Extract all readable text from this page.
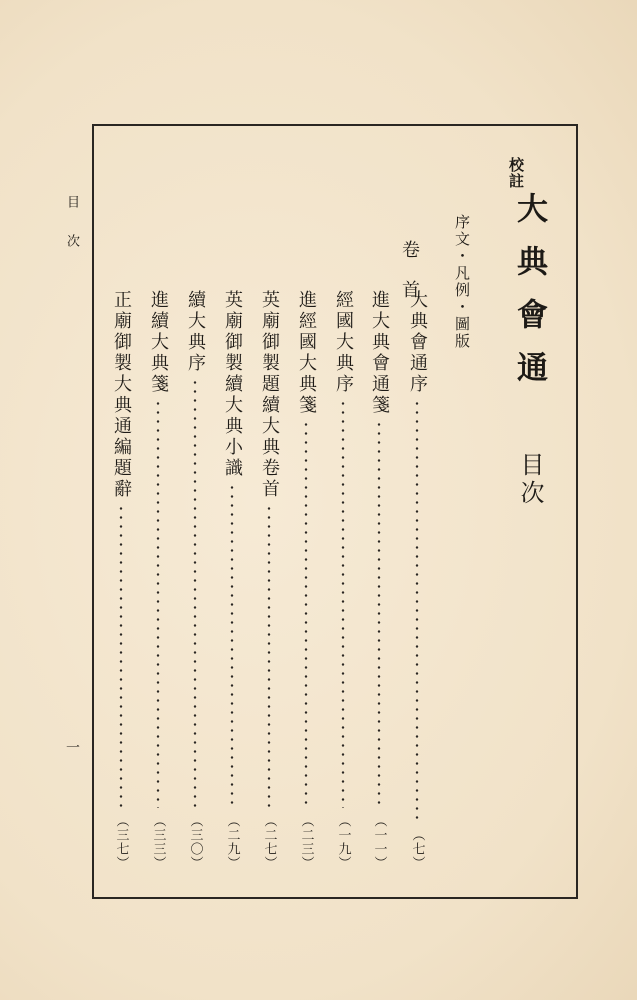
目次
一
校註
大典會通
目次
序文・凡例・圖版
卷首
大典會通序
（七）
進大典會通箋
（一一）
經國大典序
（一九）
進經國大典箋
（二三）
英廟御製題續大典卷首
（二七）
英廟御製續大典小識
（二九）
續大典序
（三〇）
進續大典箋
（三三）
正廟御製大典通編題辭
（三七）
